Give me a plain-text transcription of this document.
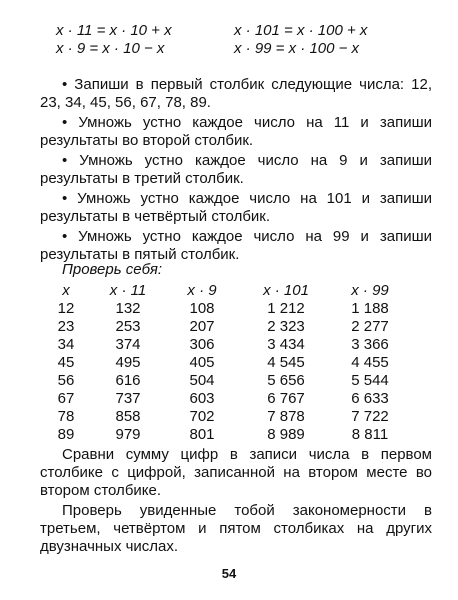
x · 11 = x · 10 + x	x · 101 = x · 100 + x
x · 9 = x · 10 − x	x · 99 = x · 100 − x

• Запиши в первый столбик следующие числа: 12, 23, 34, 45, 56, 67, 78, 89.

• Умножь устно каждое число на 11 и запиши результаты во второй столбик.

• Умножь устно каждое число на 9 и запиши результаты в третий столбик.

• Умножь устно каждое число на 101 и запиши результаты в четвёртый столбик.

• Умножь устно каждое число на 99 и запиши результаты в пятый столбик.

Проверь себя:
x	x · 11	x · 9	x · 101	x · 99
12	132	108	1 212	1 188
23	253	207	2 323	2 277
34	374	306	3 434	3 366
45	495	405	4 545	4 455
56	616	504	5 656	5 544
67	737	603	6 767	6 633
78	858	702	7 878	7 722
89	979	801	8 989	8 811

Сравни сумму цифр в записи числа в первом столбике с цифрой, записанной на втором месте во втором столбике.

Проверь увиденные тобой закономерности в третьем, четвёртом и пятом столбиках на других двузначных числах.

54
